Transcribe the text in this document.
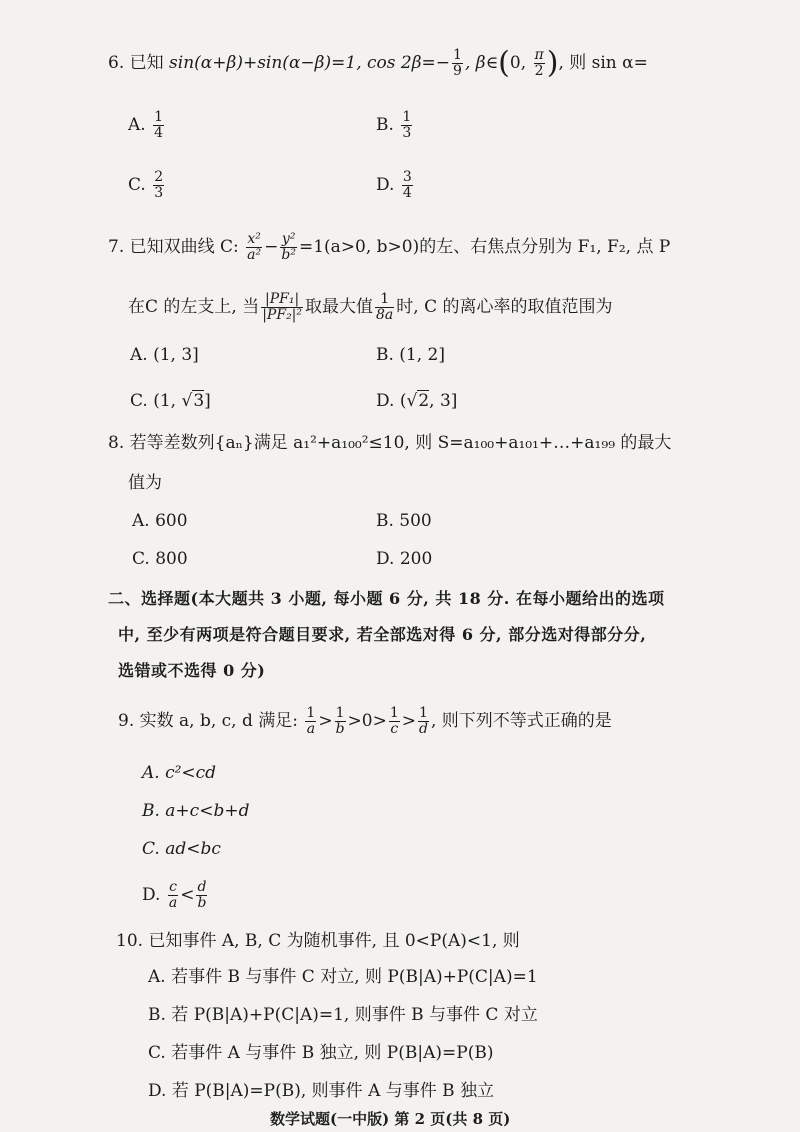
6. 已知 sin(α+β)+sin(α−β)=1, $\cos 2\beta=- \frac{1}{9}$ , β∈(0, $\frac{\pi}{2}$ ), 则 sin α=
A. $\frac{1}{4}$	B. $\frac{1}{3}$
C. $\frac{2}{3}$	D. $\frac{3}{4}$
7. 已知双曲线 C: $\frac{\text{x²}}{\text{a²}} - \frac{\text{y²}}{\text{b²}} =1(a>0$, b>0)的左、右焦点分别为 F₁, F₂, 点 P
在C 的左支上, 当 $\frac{\text{|PF₁|}}{\text{|PF₂|²}}$ 取最大值 $\frac{1}{8a}$ 时, C 的离心率的取值范围为
A. (1, 3]	B. (1, 2]
C. (1, √3]	D. (√2, 3]
8. 若等差数列{aₙ}满足 a₁²+a₁₀₀²≤10, 则 S=a₁₀₀+a₁₀₁+…+a₁₉₉ 的最大
值为
A. 600	B. 500
C. 800	D. 200
二、选择题(本大题共 3 小题, 每小题 6 分, 共 18 分. 在每小题给出的选项
中, 至少有两项是符合题目要求, 若全部选对得 6 分, 部分选对得部分分,
选错或不选得 0 分)
9. 实数 a, b, c, d 满足: $\frac{1}{a} > \frac{1}{b} >0> \frac{1}{c} > \frac{1}{d}$ , 则下列不等式正确的是
A. c²<cd
B. a+c<b+d
C. ad<bc
D. $\frac{c}{a} < \frac{d}{b}$
10. 已知事件 A, B, C 为随机事件, 且 0<P(A)<1, 则
A. 若事件 B 与事件 C 对立, 则 P(B|A)+P(C|A)=1
B. 若 P(B|A)+P(C|A)=1, 则事件 B 与事件 C 对立
C. 若事件 A 与事件 B 独立, 则 P(B|A)=P(B)
D. 若 P(B|A)=P(B), 则事件 A 与事件 B 独立
数学试题(一中版) 第 2 页(共 8 页)
